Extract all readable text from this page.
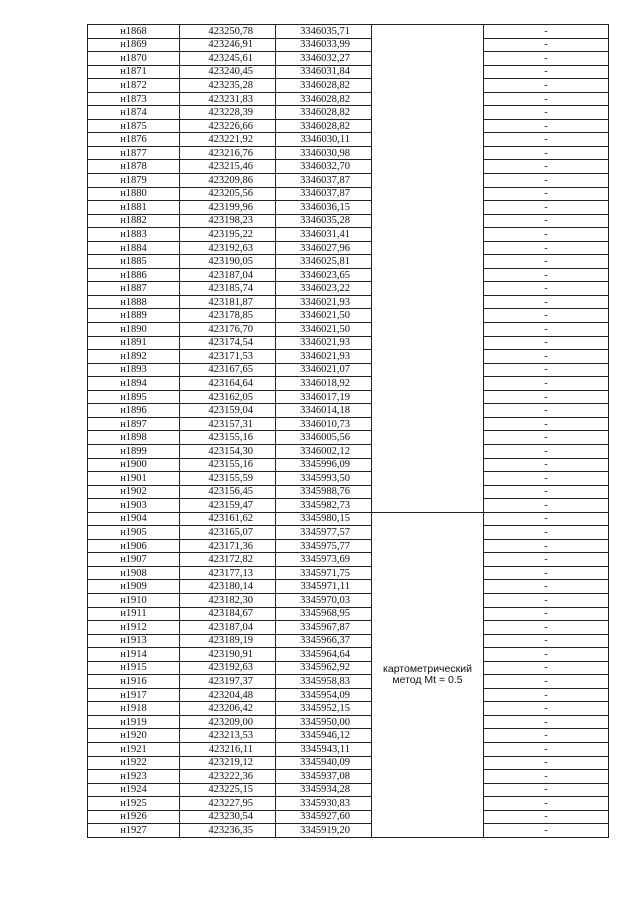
н1868	423250,78	3346035,71		-
н1869	423246,91	3346033,99		-
н1870	423245,61	3346032,27		-
н1871	423240,45	3346031,84		-
н1872	423235,28	3346028,82		-
н1873	423231,83	3346028,82		-
н1874	423228,39	3346028,82		-
н1875	423226,66	3346028,82		-
н1876	423221,92	3346030,11		-
н1877	423216,76	3346030,98		-
н1878	423215,46	3346032,70		-
н1879	423209,86	3346037,87		-
н1880	423205,56	3346037,87		-
н1881	423199,96	3346036,15		-
н1882	423198,23	3346035,28		-
н1883	423195,22	3346031,41		-
н1884	423192,63	3346027,96		-
н1885	423190,05	3346025,81		-
н1886	423187,04	3346023,65		-
н1887	423185,74	3346023,22		-
н1888	423181,87	3346021,93		-
н1889	423178,85	3346021,50		-
н1890	423176,70	3346021,50		-
н1891	423174,54	3346021,93		-
н1892	423171,53	3346021,93		-
н1893	423167,65	3346021,07		-
н1894	423164,64	3346018,92		-
н1895	423162,05	3346017,19		-
н1896	423159,04	3346014,18		-
н1897	423157,31	3346010,73		-
н1898	423155,16	3346005,56		-
н1899	423154,30	3346002,12		-
н1900	423155,16	3345996,09		-
н1901	423155,59	3345993,50		-
н1902	423156,45	3345988,76		-
н1903	423159,47	3345982,73		-
н1904	423161,62	3345980,15	картометрический
метод Mt = 0.5	-
н1905	423165,07	3345977,57		-
н1906	423171,36	3345975,77		-
н1907	423172,82	3345973,69		-
н1908	423177,13	3345971,75		-
н1909	423180,14	3345971,11		-
н1910	423182,30	3345970,03		-
н1911	423184,67	3345968,95		-
н1912	423187,04	3345967,87		-
н1913	423189,19	3345966,37		-
н1914	423190,91	3345964,64		-
н1915	423192,63	3345962,92		-
н1916	423197,37	3345958,83		-
н1917	423204,48	3345954,09		-
н1918	423206,42	3345952,15		-
н1919	423209,00	3345950,00		-
н1920	423213,53	3345946,12		-
н1921	423216,11	3345943,11		-
н1922	423219,12	3345940,09		-
н1923	423222,36	3345937,08		-
н1924	423225,15	3345934,28		-
н1925	423227,95	3345930,83		-
н1926	423230,54	3345927,60		-
н1927	423236,35	3345919,20		-
